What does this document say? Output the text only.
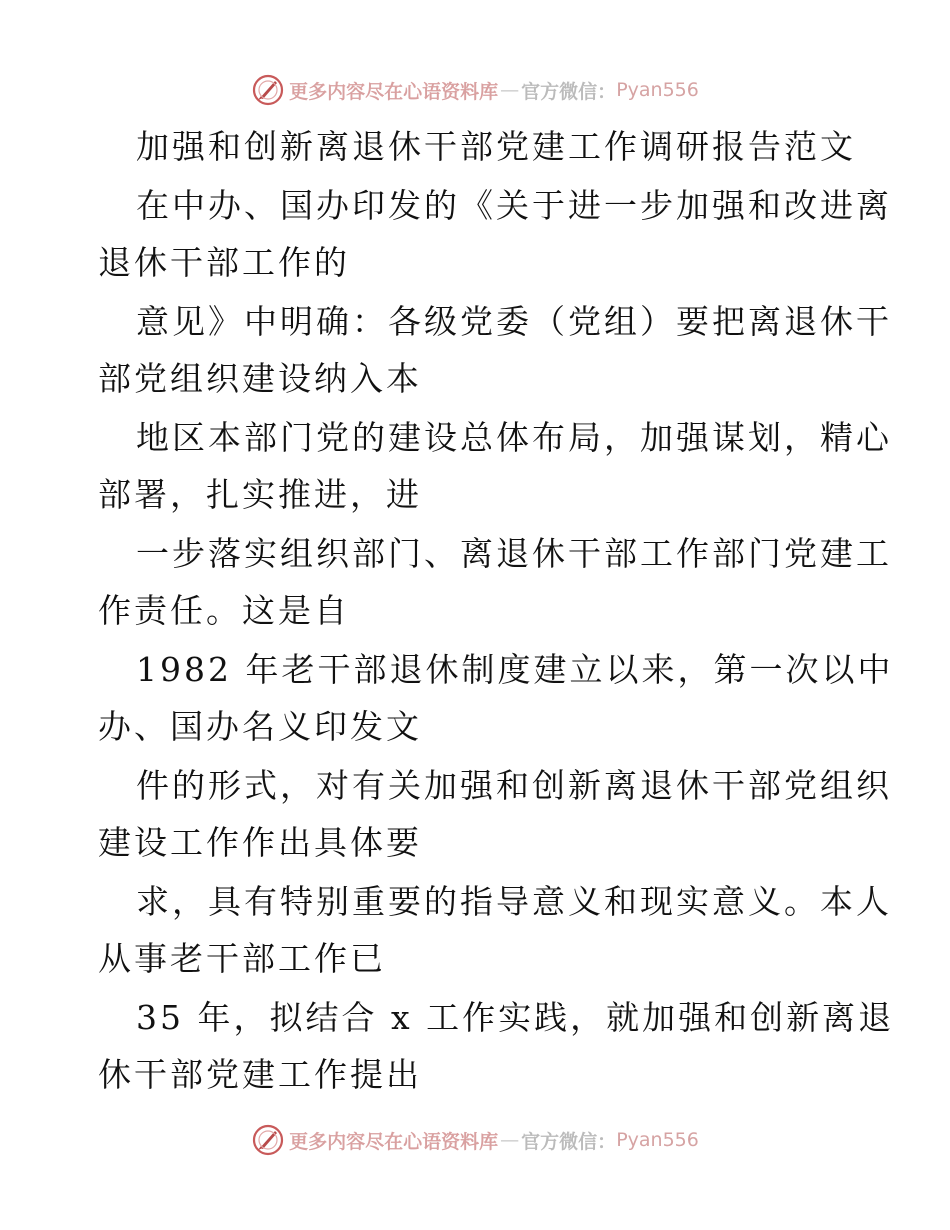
更多内容尽在心语资料库 — 官方微信： Pyan556
加强和创新离退休干部党建工作调研报告范文
在中办、国办印发的《关于进一步加强和改进离
退休干部工作的
意见》中明确：各级党委（党组）要把离退休干
部党组织建设纳入本
地区本部门党的建设总体布局，加强谋划，精心
部署，扎实推进，进
一步落实组织部门、离退休干部工作部门党建工
作责任。这是自
1982 年老干部退休制度建立以来，第一次以中
办、国办名义印发文
件的形式，对有关加强和创新离退休干部党组织
建设工作作出具体要
求，具有特别重要的指导意义和现实意义。本人
从事老干部工作已
35 年，拟结合 x 工作实践，就加强和创新离退
休干部党建工作提出
更多内容尽在心语资料库 — 官方微信： Pyan556
